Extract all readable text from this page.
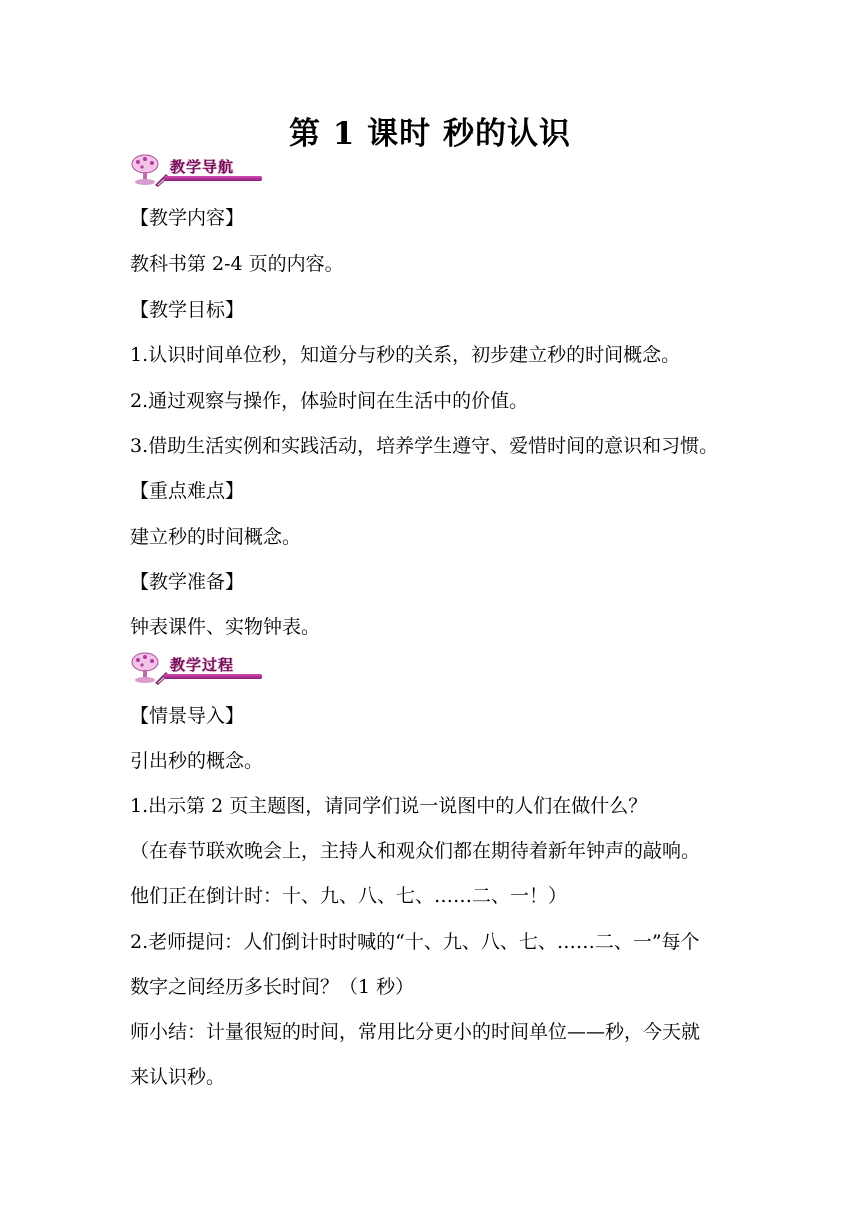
第 1 课时 秒的认识
教学导航
【教学内容】
教科书第 2-4 页的内容。
【教学目标】
1.认识时间单位秒，知道分与秒的关系，初步建立秒的时间概念。
2.通过观察与操作，体验时间在生活中的价值。
3.借助生活实例和实践活动，培养学生遵守、爱惜时间的意识和习惯。
【重点难点】
建立秒的时间概念。
【教学准备】
钟表课件、实物钟表。
教学过程
【情景导入】
引出秒的概念。
1.出示第 2 页主题图，请同学们说一说图中的人们在做什么？
（在春节联欢晚会上，主持人和观众们都在期待着新年钟声的敲响。
他们正在倒计时：十、九、八、七、……二、一！）
2.老师提问：人们倒计时时喊的“十、九、八、七、……二、一”每个
数字之间经历多长时间？（1 秒）
师小结：计量很短的时间，常用比分更小的时间单位——秒，今天就
来认识秒。
